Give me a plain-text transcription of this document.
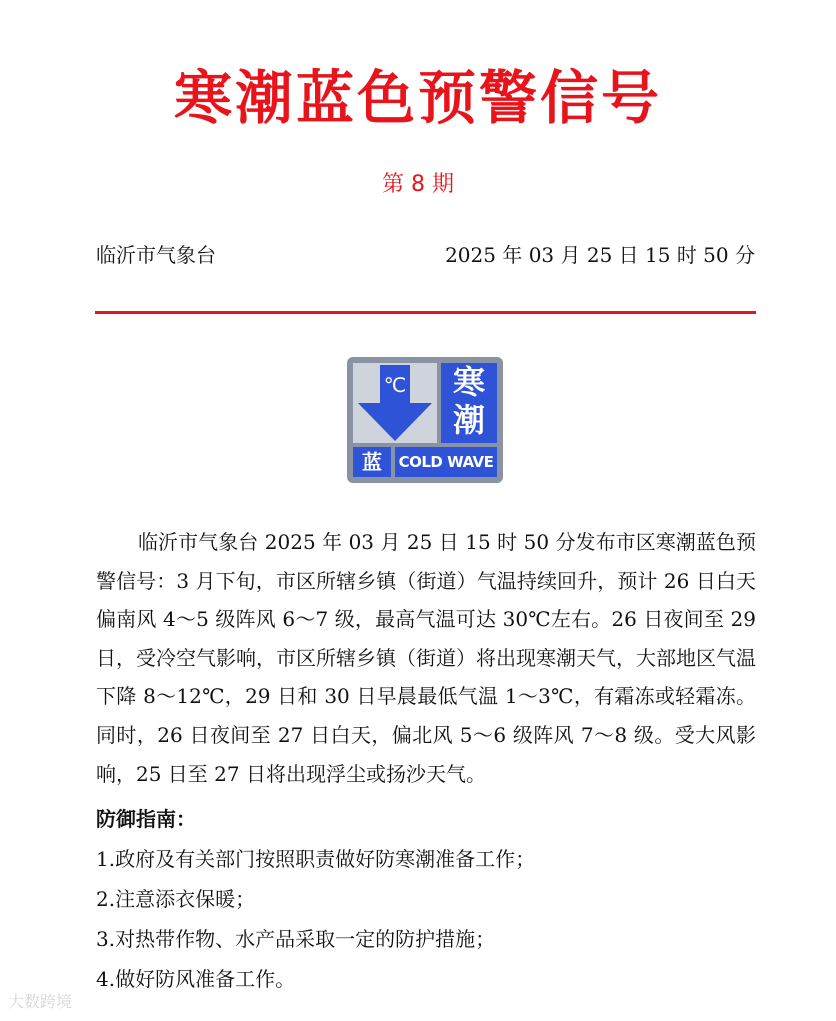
寒潮蓝色预警信号
第 8 期
临沂市气象台	2025 年 03 月 25 日 15 时 50 分
℃	寒潮
蓝	COLD WAVE

临沂市气象台 2025 年 03 月 25 日 15 时 50 分发布市区寒潮蓝色预警信号：3 月下旬，市区所辖乡镇（街道）气温持续回升，预计 26 日白天偏南风 4～5 级阵风 6～7 级，最高气温可达 30℃左右。26 日夜间至 29 日，受冷空气影响，市区所辖乡镇（街道）将出现寒潮天气，大部地区气温下降 8～12℃，29 日和 30 日早晨最低气温 1～3℃，有霜冻或轻霜冻。同时，26 日夜间至 27 日白天，偏北风 5～6 级阵风 7～8 级。受大风影响，25 日至 27 日将出现浮尘或扬沙天气。

防御指南：
1.政府及有关部门按照职责做好防寒潮准备工作；
2.注意添衣保暖；
3.对热带作物、水产品采取一定的防护措施；
4.做好防风准备工作。
大数跨境
